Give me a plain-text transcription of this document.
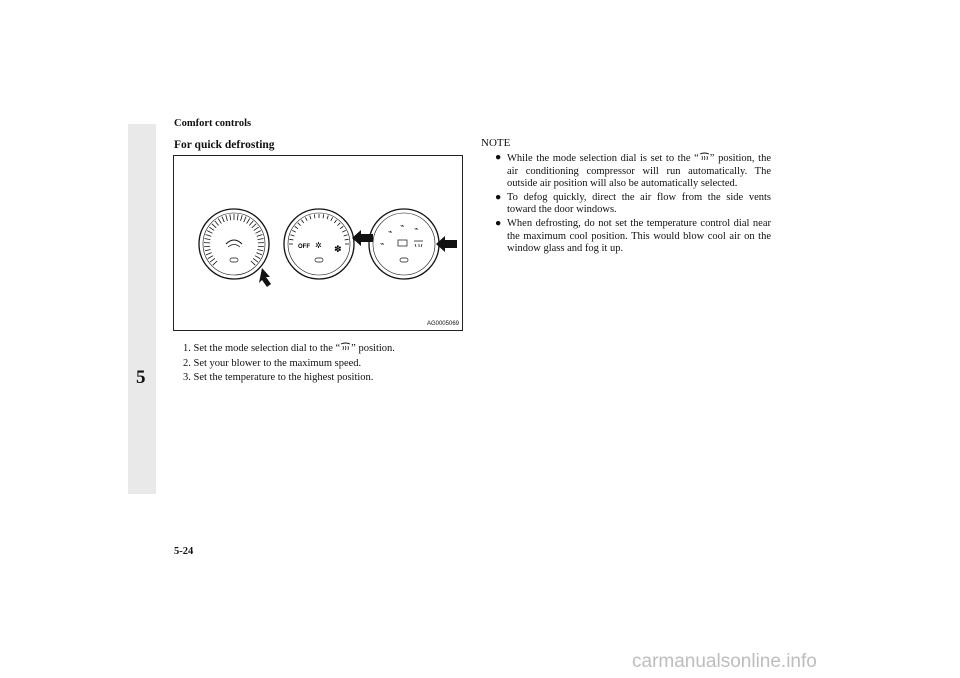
5
Comfort controls
For quick defrosting
OFF ✲ ✽
⌁
⌁
⌁ ⌁
AG0005069

1. Set the mode selection dial to the “ ” position.

2. Set your blower to the maximum speed.

3. Set the temperature to the highest position.

NOTE

● While the mode selection dial is set to the “ ” position, the air conditioning compressor will run automatically. The outside air position will also be automatically selected.

● To defog quickly, direct the air flow from the side vents toward the door windows.

● When defrosting, do not set the temperature control dial near the maximum cool position. This would blow cool air on the window glass and fog it up.

5-24
carmanualsonline.info
